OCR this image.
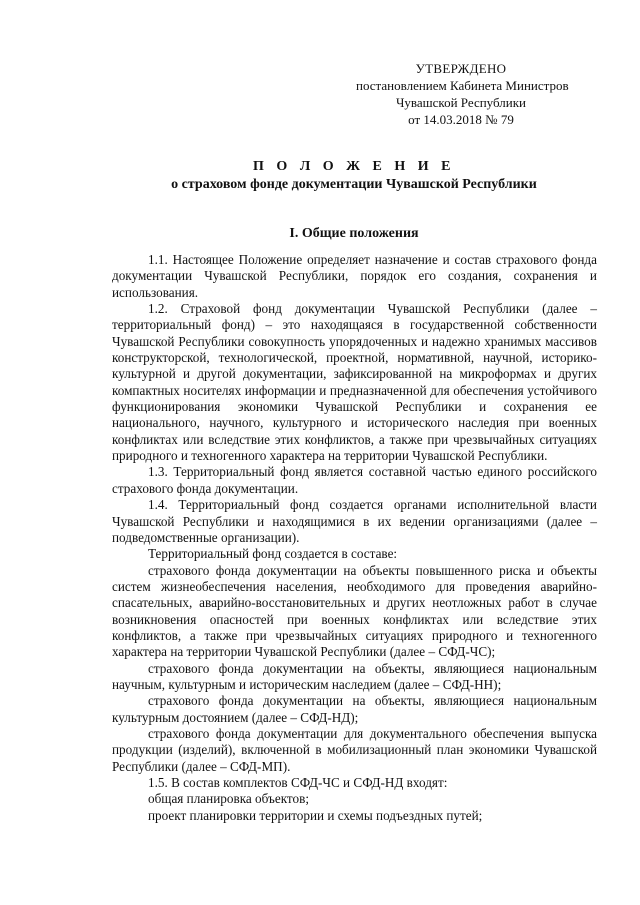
УТВЕРЖДЕНО
постановлением Кабинета Министров
Чувашской Республики
от 14.03.2018 № 79
П О Л О Ж Е Н И Е
о страховом фонде документации Чувашской Республики
I. Общие положения

1.1. Настоящее Положение определяет назначение и состав страхового фонда документации Чувашской Республики, порядок его создания, сохранения и использования.

1.2. Страховой фонд документации Чувашской Республики (далее – территориальный фонд) – это находящаяся в государственной собственности Чувашской Республики совокупность упорядоченных и надежно хранимых массивов конструкторской, технологической, проектной, нормативной, научной, историко-культурной и другой документации, зафиксированной на микроформах и других компактных носителях информации и предназначенной для обеспечения устойчивого функционирования экономики Чувашской Республики и сохранения ее национального, научного, культурного и исторического наследия при военных конфликтах или вследствие этих конфликтов, а также при чрезвычайных ситуациях природного и техногенного характера на территории Чувашской Республики.

1.3. Территориальный фонд является составной частью единого российского страхового фонда документации.

1.4. Территориальный фонд создается органами исполнительной власти Чувашской Республики и находящимися в их ведении организациями (далее – подведомственные организации).

Территориальный фонд создается в составе:

страхового фонда документации на объекты повышенного риска и объекты систем жизнеобеспечения населения, необходимого для проведения аварийно-спасательных, аварийно-восстановительных и других неотложных работ в случае возникновения опасностей при военных конфликтах или вследствие этих конфликтов, а также при чрезвычайных ситуациях природного и техногенного характера на территории Чувашской Республики (далее – СФД-ЧС);

страхового фонда документации на объекты, являющиеся национальным научным, культурным и историческим наследием (далее – СФД-НН);

страхового фонда документации на объекты, являющиеся национальным культурным достоянием (далее – СФД-НД);

страхового фонда документации для документального обеспечения выпуска продукции (изделий), включенной в мобилизационный план экономики Чувашской Республики (далее – СФД-МП).

1.5. В состав комплектов СФД-ЧС и СФД-НД входят:

общая планировка объектов;

проект планировки территории и схемы подъездных путей;
